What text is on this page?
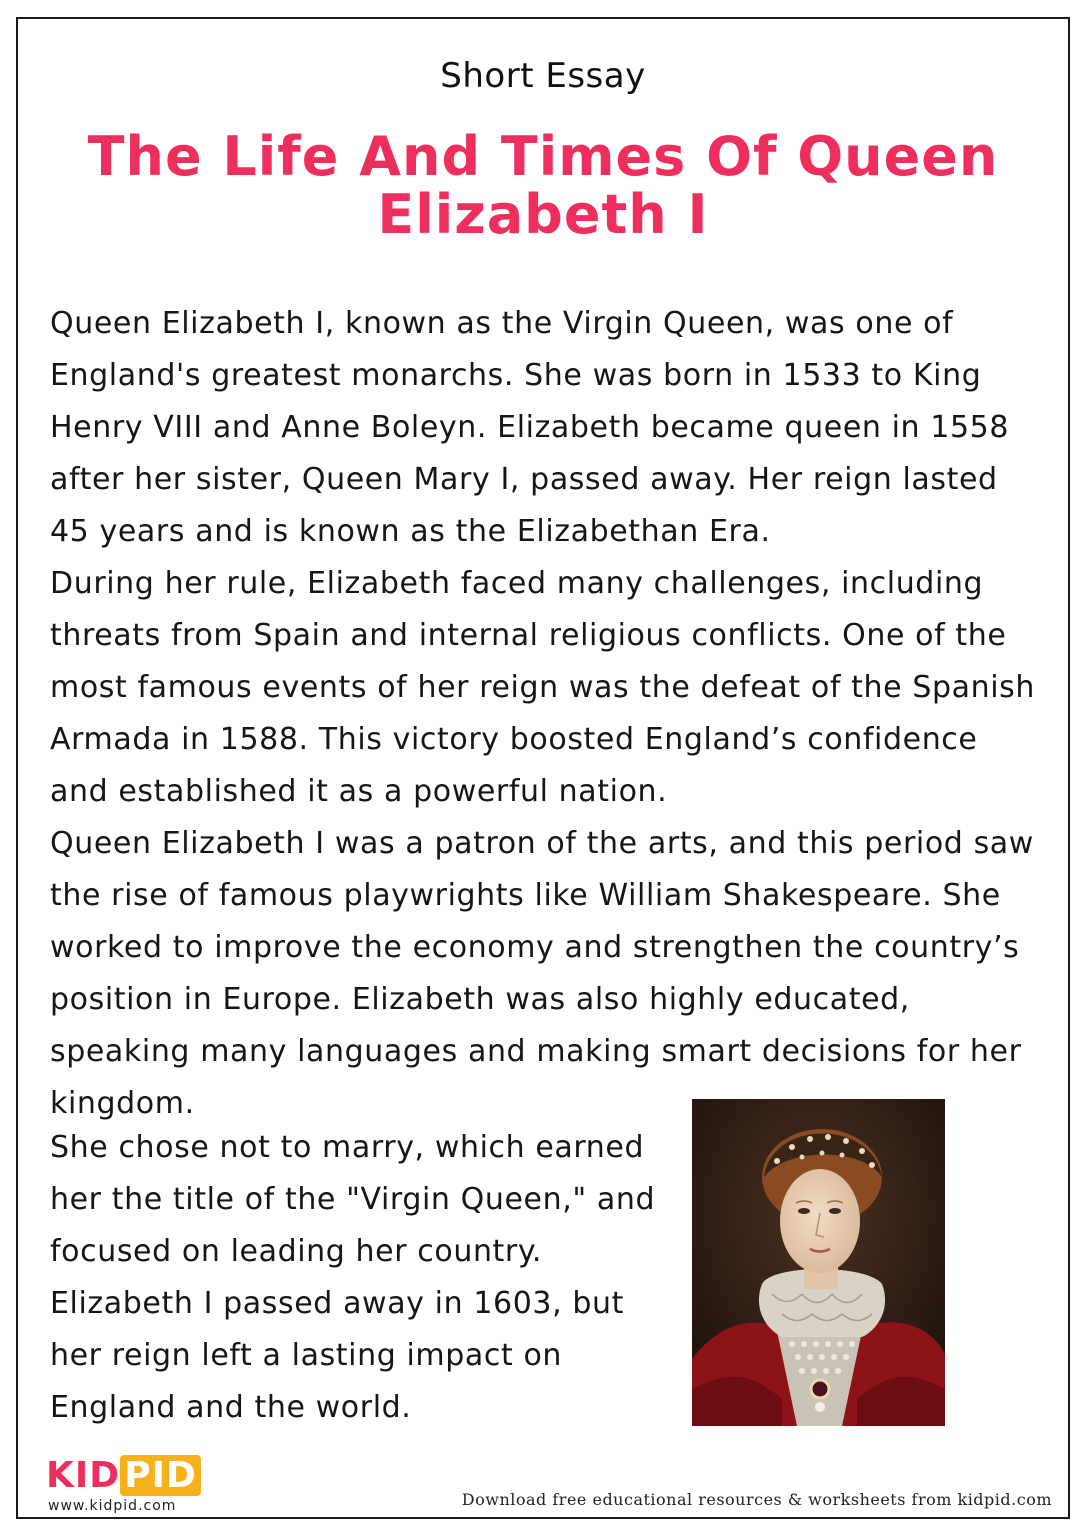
Short Essay
The Life And Times Of Queen Elizabeth I

Queen Elizabeth I, known as the Virgin Queen, was one of England's greatest monarchs. She was born in 1533 to King Henry VIII and Anne Boleyn. Elizabeth became queen in 1558 after her sister, Queen Mary I, passed away. Her reign lasted 45 years and is known as the Elizabethan Era.

During her rule, Elizabeth faced many challenges, including threats from Spain and internal religious conflicts. One of the most famous events of her reign was the defeat of the Spanish Armada in 1588. This victory boosted England’s confidence and established it as a powerful nation.

Queen Elizabeth I was a patron of the arts, and this period saw the rise of famous playwrights like William Shakespeare. She worked to improve the economy and strengthen the country’s position in Europe. Elizabeth was also highly educated, speaking many languages and making smart decisions for her kingdom.

She chose not to marry, which earned her the title of the "Virgin Queen," and focused on leading her country. Elizabeth I passed away in 1603, but her reign left a lasting impact on England and the world.

KID PID
www.kidpid.com	Download free educational resources & worksheets from kidpid.com
